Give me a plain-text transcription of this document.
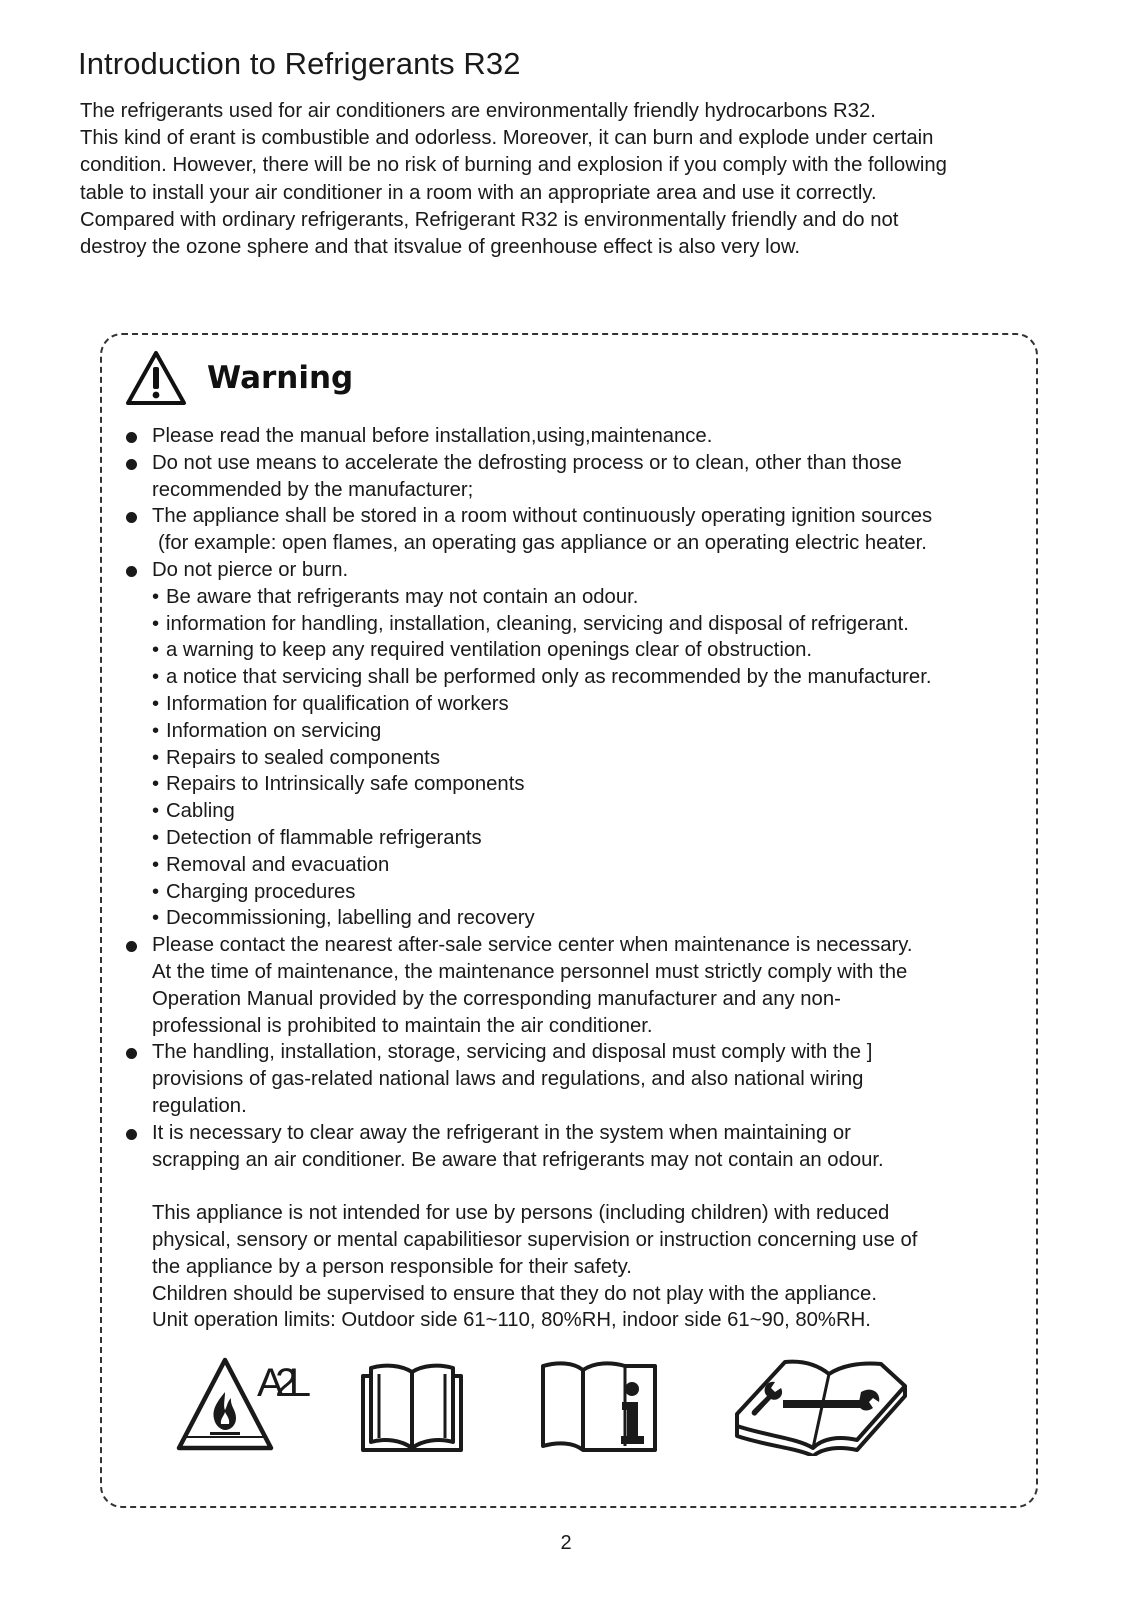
Introduction to Refrigerants R32

The refrigerants used for air conditioners are environmentally friendly hydrocarbons R32.

This kind of erant is combustible and odorless. Moreover, it can burn and explode under certain

condition. However, there will be no risk of burning and explosion if you comply with the following

table to install your air conditioner in a room with an appropriate area and use it correctly.

Compared with ordinary refrigerants, Refrigerant R32 is environmentally friendly and do not

destroy the ozone sphere and that itsvalue of greenhouse effect is also very low.

Warning
Please read the manual before installation,using,maintenance.
Do not use means to accelerate the defrosting process or to clean, other than those
recommended by the manufacturer;
The appliance shall be stored in a room without continuously operating ignition sources
(for example: open flames, an operating gas appliance or an operating electric heater.
Do not pierce or burn.
• Be aware that refrigerants may not contain an odour.
• information for handling, installation, cleaning, servicing and disposal of refrigerant.
• a warning to keep any required ventilation openings clear of obstruction.
• a notice that servicing shall be performed only as recommended by the manufacturer.
• Information for qualification of workers
• Information on servicing
• Repairs to sealed components
• Repairs to Intrinsically safe components
• Cabling
• Detection of flammable refrigerants
• Removal and evacuation
• Charging procedures
• Decommissioning, labelling and recovery
Please contact the nearest after-sale service center when maintenance is necessary.
At the time of maintenance, the maintenance personnel must strictly comply with the
Operation Manual provided by the corresponding manufacturer and any non-
professional is prohibited to maintain the air conditioner.
The handling, installation, storage, servicing and disposal must comply with the ]
provisions of gas-related national laws and regulations, and also national wiring
regulation.
It is necessary to clear away the refrigerant in the system when maintaining or
scrapping an air conditioner. Be aware that refrigerants may not contain an odour.
This appliance is not intended for use by persons (including children) with reduced
physical, sensory or mental capabilitiesor supervision or instruction concerning use of
the appliance by a person responsible for their safety.
Children should be supervised to ensure that they do not play with the appliance.
Unit operation limits: Outdoor side 61~110, 80%RH, indoor side 61~90, 80%RH.
A2L
2
